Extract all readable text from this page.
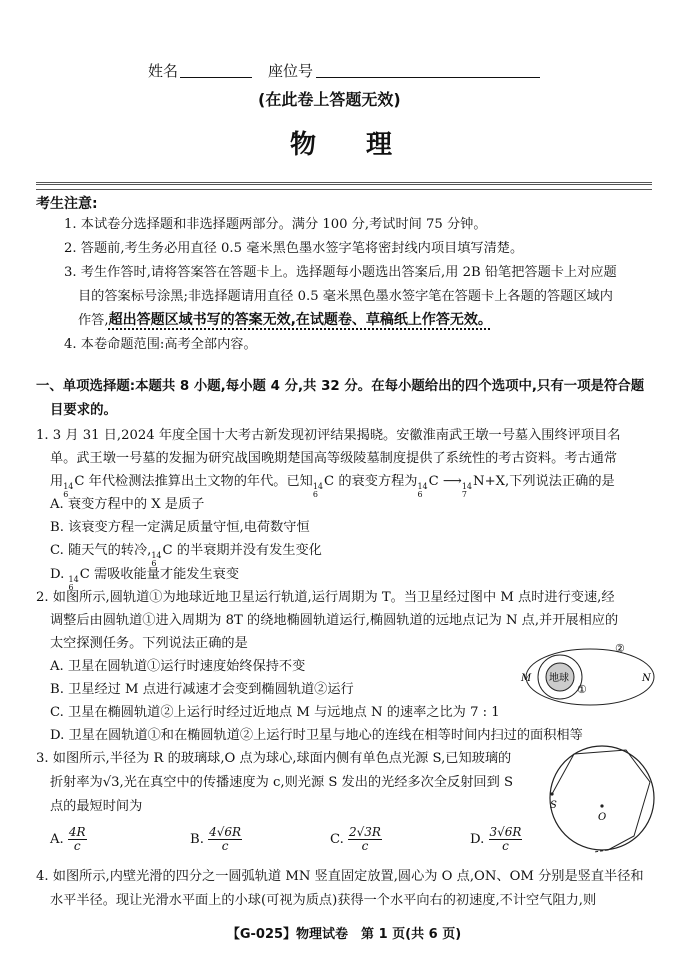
姓名	座位号
(在此卷上答题无效)
物　理
考生注意:
1. 本试卷分选择题和非选择题两部分。满分 100 分,考试时间 75 分钟。
2. 答题前,考生务必用直径 0.5 毫米黑色墨水签字笔将密封线内项目填写清楚。
3. 考生作答时,请将答案答在答题卡上。选择题每小题选出答案后,用 2B 铅笔把答题卡上对应题
目的答案标号涂黑;非选择题请用直径 0.5 毫米黑色墨水签字笔在答题卡上各题的答题区域内
作答,超出答题区域书写的答案无效,在试题卷、草稿纸上作答无效。
4. 本卷命题范围:高考全部内容。
一、单项选择题:本题共 8 小题,每小题 4 分,共 32 分。在每小题给出的四个选项中,只有一项是符合题
目要求的。
1. 3 月 31 日,2024 年度全国十大考古新发现初评结果揭晓。安徽淮南武王墩一号墓入围终评项目名
单。武王墩一号墓的发掘为研究战国晚期楚国高等级陵墓制度提供了系统性的考古资料。考古通常
用 14
6
C 年代检测法推算出土文物的年代。已知 14
6
C 的衰变方程为 14
6
C ⟶ 14
7
N+X,下列说法正确的是
A. 衰变方程中的 X 是质子
B. 该衰变方程一定满足质量守恒,电荷数守恒
C. 随天气的转冷, 14
6
C 的半衰期并没有发生变化
D. 14
6
C 需吸收能量才能发生衰变
2. 如图所示,圆轨道①为地球近地卫星运行轨道,运行周期为 T。当卫星经过图中 M 点时进行变速,经
调整后由圆轨道①进入周期为 8T 的绕地椭圆轨道运行,椭圆轨道的远地点记为 N 点,并开展相应的
太空探测任务。下列说法正确的是
A. 卫星在圆轨道①运行时速度始终保持不变
B. 卫星经过 M 点进行减速才会变到椭圆轨道②运行
C. 卫星在椭圆轨道②上运行时经过近地点 M 与远地点 N 的速率之比为 7 : 1
D. 卫星在圆轨道①和在椭圆轨道②上运行时卫星与地心的连线在相等时间内扫过的面积相等
地球
M	N
①
②
3. 如图所示,半径为 R 的玻璃球,O 点为球心,球面内侧有单色点光源 S,已知玻璃的
折射率为√3,光在真空中的传播速度为 c,则光源 S 发出的光经多次全反射回到 S
点的最短时间为
A. $\frac{4R}{c}$	B. $\frac{4√6R}{c}$	C. $\frac{2√3R}{c}$	D. $\frac{3√6R}{c}$
S
O
4. 如图所示,内壁光滑的四分之一圆弧轨道 MN 竖直固定放置,圆心为 O 点,ON、OM 分别是竖直半径和
水平半径。现让光滑水平面上的小球(可视为质点)获得一个水平向右的初速度,不计空气阻力,则
【G-025】物理试卷　第 1 页(共 6 页)
